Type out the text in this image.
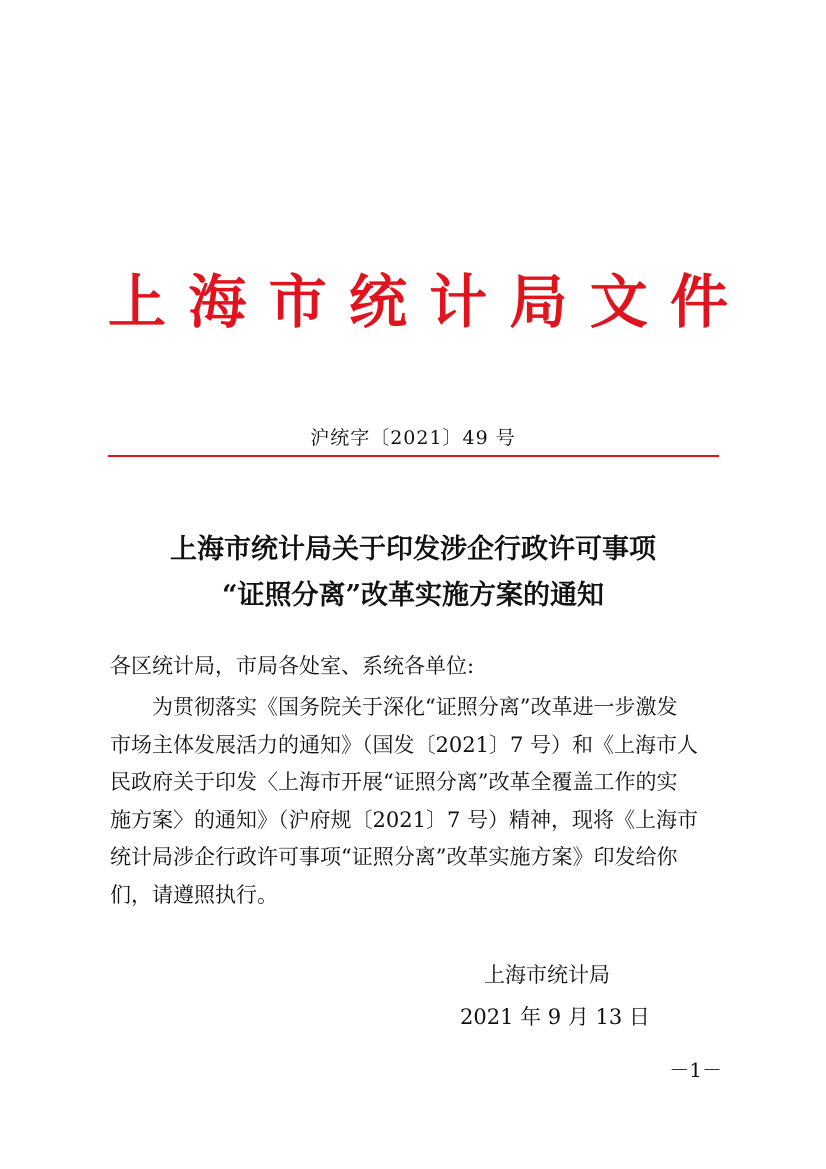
上 海 市 统 计 局 文 件
沪统字〔2021〕49 号
上海市统计局关于印发涉企行政许可事项
“证照分离”改革实施方案的通知
各区统计局，市局各处室、系统各单位:
为贯彻落实《国务院关于深化“证照分离”改革进一步激发
市场主体发展活力的通知》（国发〔2021〕7 号）和《上海市人
民政府关于印发〈上海市开展“证照分离”改革全覆盖工作的实
施方案〉的通知》（沪府规〔2021〕7 号）精神，现将《上海市
统计局涉企行政许可事项“证照分离”改革实施方案》印发给你
们，请遵照执行。
上海市统计局
2021 年 9 月 13 日
－1－
